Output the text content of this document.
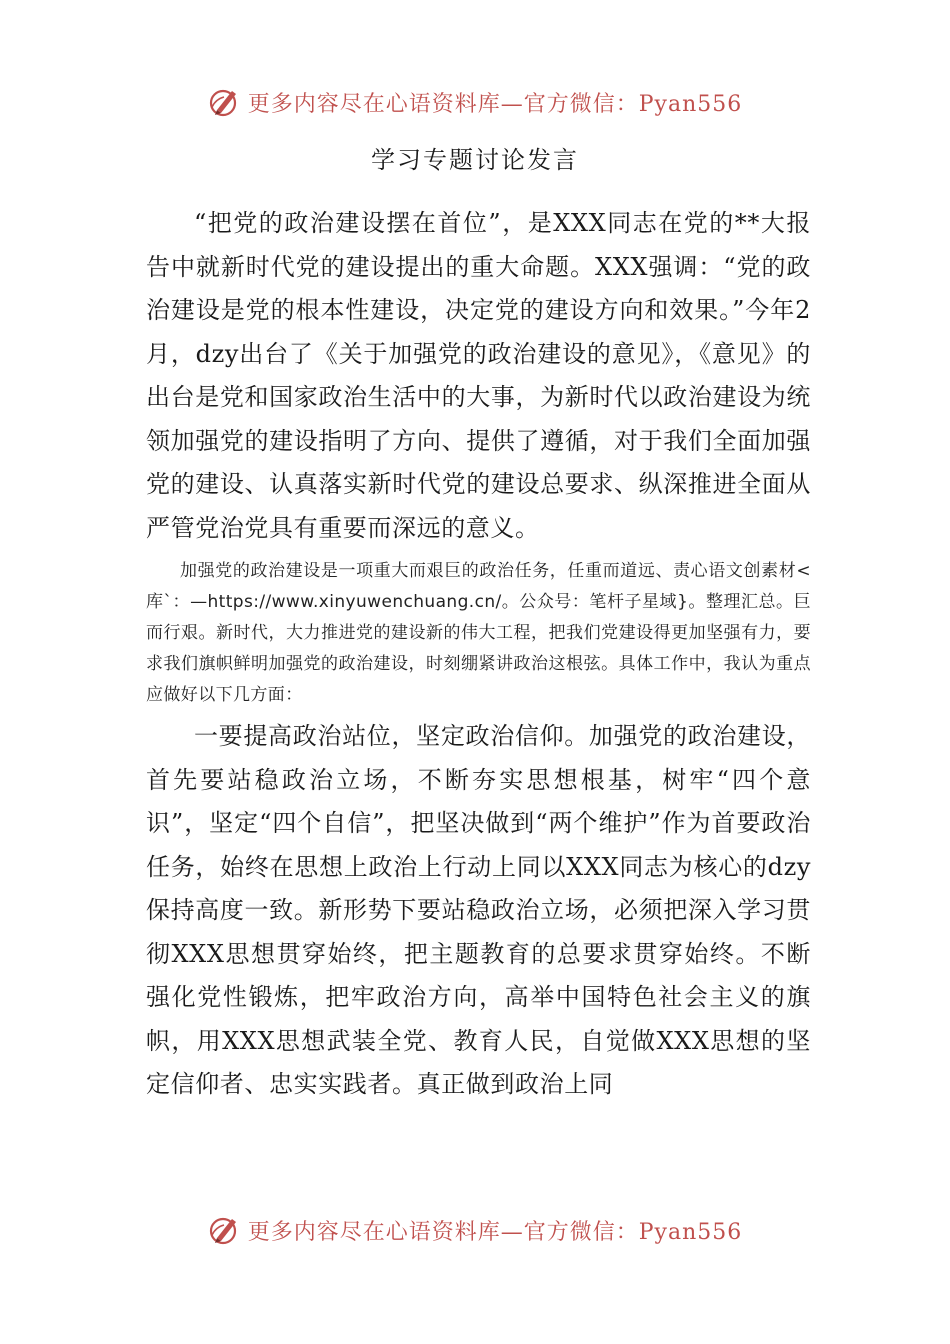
更多内容尽在心语资料库—官方微信：Pyan556
学习专题讨论发言

“把党的政治建设摆在首位”，是XXX同志在党的**大报告中就新时代党的建设提出的重大命题。XXX强调：“党的政治建设是党的根本性建设，决定党的建设方向和效果。”今年2月，dzy出台了《关于加强党的政治建设的意见》，《意见》的出台是党和国家政治生活中的大事，为新时代以政治建设为统领加强党的建设指明了方向、提供了遵循，对于我们全面加强党的建设、认真落实新时代党的建设总要求、纵深推进全面从严管党治党具有重要而深远的意义。

加强党的政治建设是一项重大而艰巨的政治任务，任重而道远、责心语文创素材<库`：—https://www.xinyuwenchuang.cn/。公众号：笔杆子星域}。整理汇总。巨而行艰。新时代，大力推进党的建设新的伟大工程，把我们党建设得更加坚强有力，要求我们旗帜鲜明加强党的政治建设，时刻绷紧讲政治这根弦。具体工作中，我认为重点应做好以下几方面：

一要提高政治站位，坚定政治信仰。加强党的政治建设，首先要站稳政治立场，不断夯实思想根基，树牢“四个意识”，坚定“四个自信”，把坚决做到“两个维护”作为首要政治任务，始终在思想上政治上行动上同以XXX同志为核心的dzy保持高度一致。新形势下要站稳政治立场，必须把深入学习贯彻XXX思想贯穿始终，把主题教育的总要求贯穿始终。不断强化党性锻炼，把牢政治方向，高举中国特色社会主义的旗帜，用XXX思想武装全党、教育人民，自觉做XXX思想的坚定信仰者、忠实实践者。真正做到政治上同

更多内容尽在心语资料库—官方微信：Pyan556
